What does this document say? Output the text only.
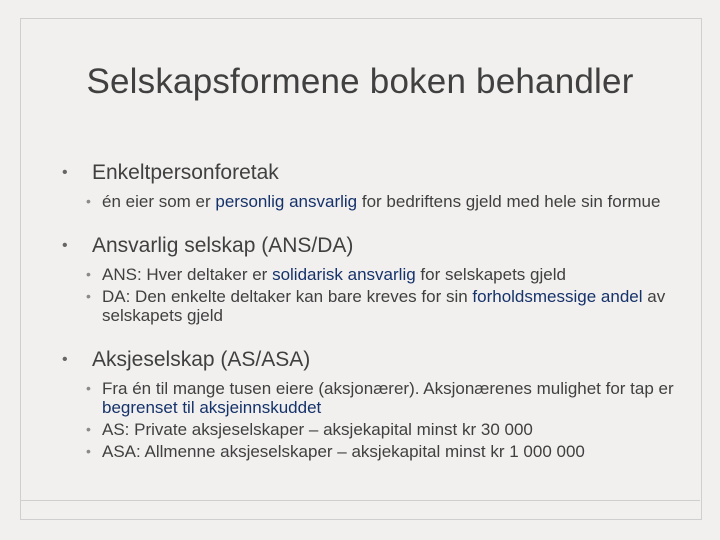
Selskapsformene boken behandler
• Enkeltpersonforetak
• én eier som er personlig ansvarlig for bedriftens gjeld med hele sin formue
• Ansvarlig selskap (ANS/DA)
• ANS: Hver deltaker er solidarisk ansvarlig for selskapets gjeld
• DA: Den enkelte deltaker kan bare kreves for sin forholdsmessige andel av selskapets gjeld
• Aksjeselskap (AS/ASA)
• Fra én til mange tusen eiere (aksjonærer). Aksjonærenes mulighet for tap er begrenset til aksjeinnskuddet
• AS: Private aksjeselskaper – aksjekapital minst kr 30 000
• ASA: Allmenne aksjeselskaper – aksjekapital minst kr 1 000 000
